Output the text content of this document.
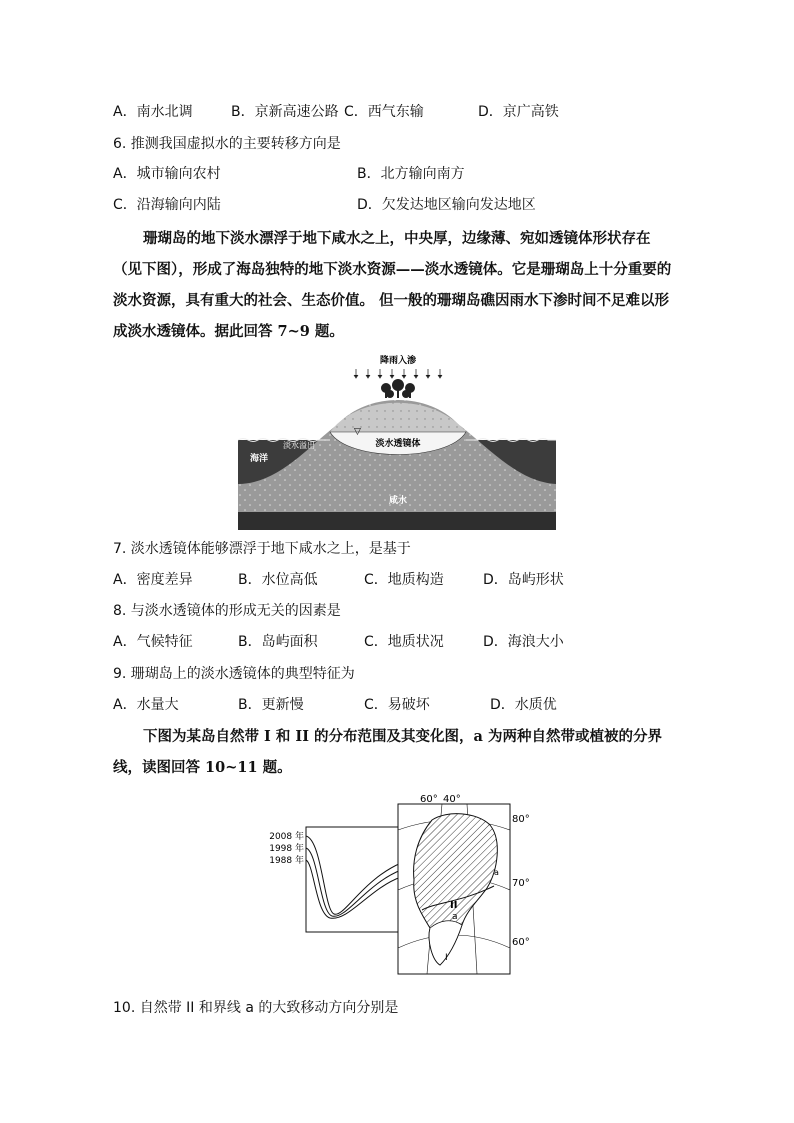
A．南水北调	B．京新高速公路 C．西气东输	D．京广高铁
6. 推测我国虚拟水的主要转移方向是
A．城市输向农村	B．北方输向南方
C．沿海输向内陆	D．欠发达地区输向发达地区
珊瑚岛的地下淡水漂浮于地下咸水之上，中央厚，边缘薄、宛如透镜体形状存在（见下图），形成了海岛独特的地下淡水资源——淡水透镜体。它是珊瑚岛上十分重要的淡水资源，具有重大的社会、生态价值。 但一般的珊瑚岛礁因雨水下渗时间不足难以形成淡水透镜体。据此回答 7~9 题。
降雨入渗
▽
海洋
淡水溢出	淡水透镜体
咸水
7. 淡水透镜体能够漂浮于地下咸水之上，是基于
A．密度差异	B．水位高低	C．地质构造	D．岛屿形状
8. 与淡水透镜体的形成无关的因素是
A．气候特征	B．岛屿面积	C．地质状况	D．海浪大小
9. 珊瑚岛上的淡水透镜体的典型特征为
A．水量大	B．更新慢	C．易破坏	D．水质优
下图为某岛自然带 I 和 II 的分布范围及其变化图，a 为两种自然带或植被的分界线，读图回答 10~11 题。
2008 年
1998 年
1988 年
II
a
I
a
60° 40°
80°
70°
60°
10. 自然带 II 和界线 a 的大致移动方向分别是
